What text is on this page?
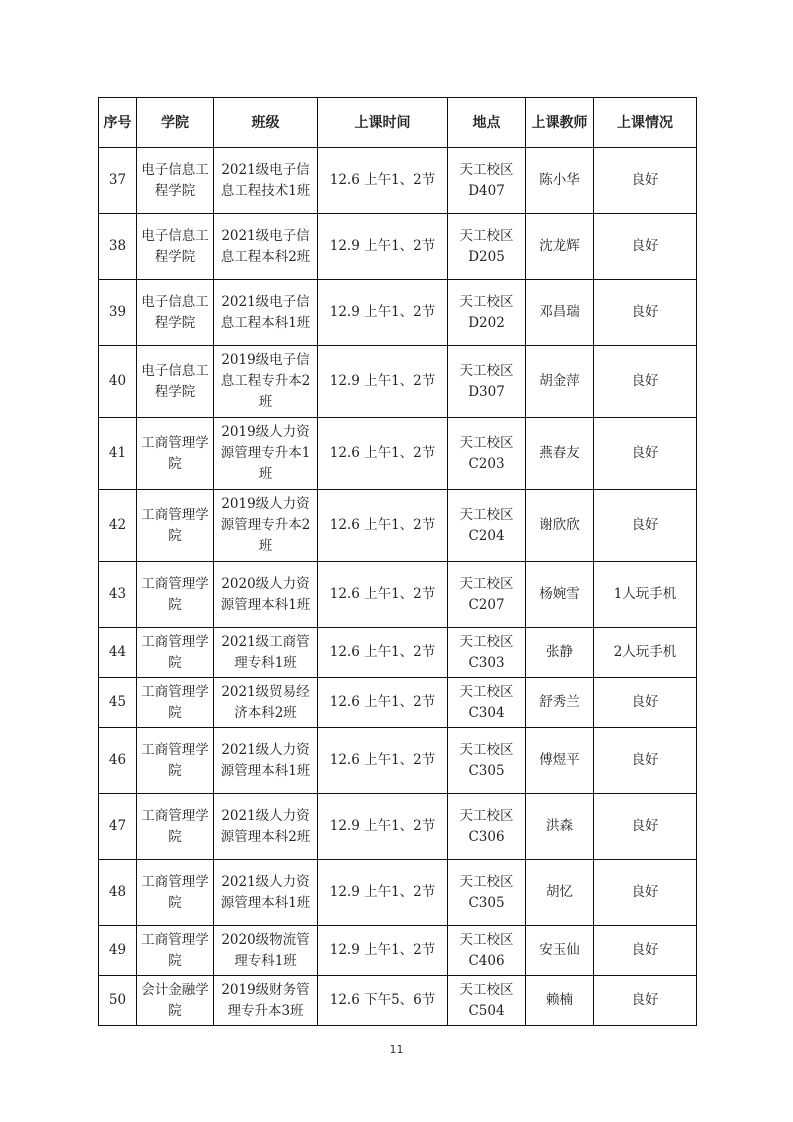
序号	学院	班级	上课时间	地点	上课教师	上课情况
37	电子信息工程学院	2021级电子信息工程技术1班	12.6 上午1、2节	天工校区D407	陈小华	良好
38	电子信息工程学院	2021级电子信息工程本科2班	12.9 上午1、2节	天工校区D205	沈龙辉	良好
39	电子信息工程学院	2021级电子信息工程本科1班	12.9 上午1、2节	天工校区D202	邓昌瑞	良好
40	电子信息工程学院	2019级电子信息工程专升本2班	12.9 上午1、2节	天工校区D307	胡金萍	良好
41	工商管理学院	2019级人力资源管理专升本1班	12.6 上午1、2节	天工校区C203	燕春友	良好
42	工商管理学院	2019级人力资源管理专升本2班	12.6 上午1、2节	天工校区C204	谢欣欣	良好
43	工商管理学院	2020级人力资源管理本科1班	12.6 上午1、2节	天工校区C207	杨婉雪	1人玩手机
44	工商管理学院	2021级工商管理专科1班	12.6 上午1、2节	天工校区C303	张静	2人玩手机
45	工商管理学院	2021级贸易经济本科2班	12.6 上午1、2节	天工校区C304	舒秀兰	良好
46	工商管理学院	2021级人力资源管理本科1班	12.6 上午1、2节	天工校区C305	傅煜平	良好
47	工商管理学院	2021级人力资源管理本科2班	12.9 上午1、2节	天工校区C306	洪森	良好
48	工商管理学院	2021级人力资源管理本科1班	12.9 上午1、2节	天工校区C305	胡忆	良好
49	工商管理学院	2020级物流管理专科1班	12.9 上午1、2节	天工校区C406	安玉仙	良好
50	会计金融学院	2019级财务管理专升本3班	12.6 下午5、6节	天工校区C504	赖楠	良好
11
